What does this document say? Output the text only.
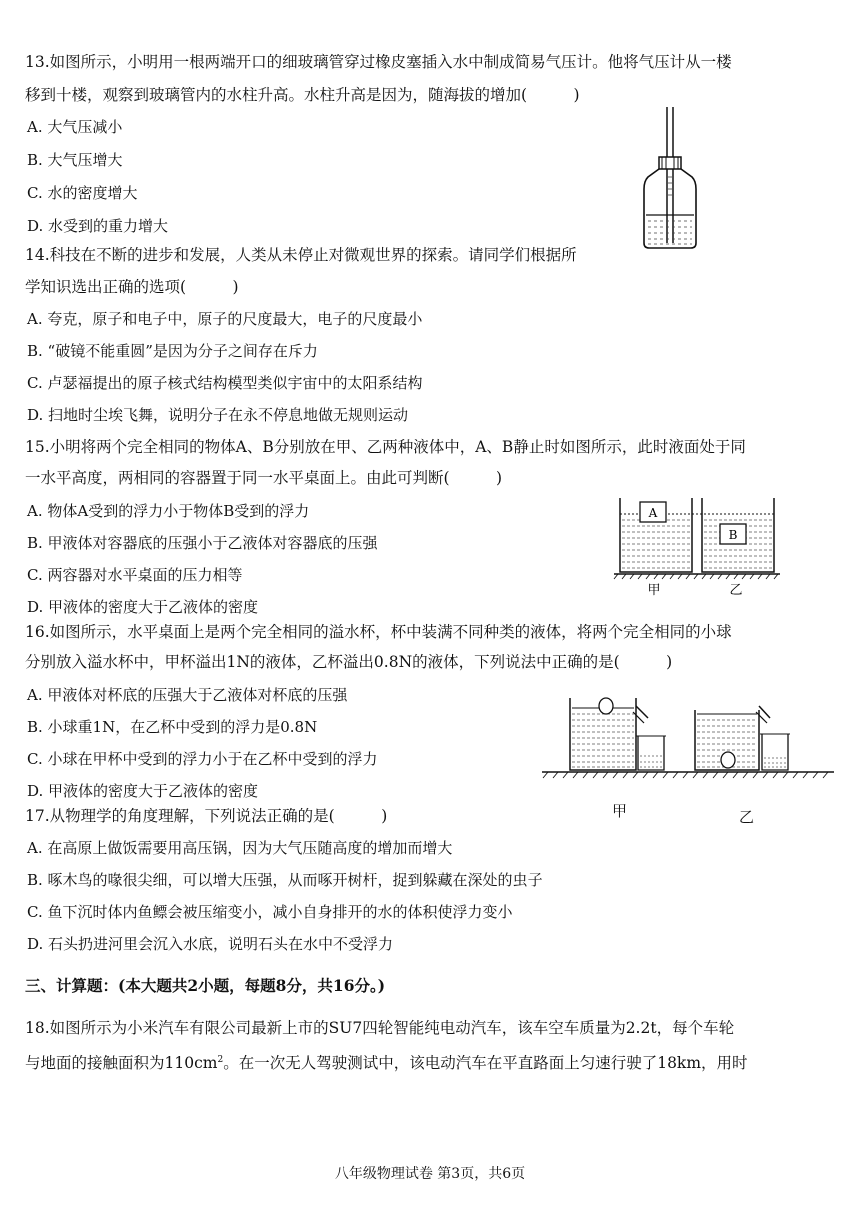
13.如图所示，小明用一根两端开口的细玻璃管穿过橡皮塞插入水中制成简易气压计。他将气压计从一楼
移到十楼，观察到玻璃管内的水柱升高。水柱升高是因为，随海拔的增加(　　　)
A. 大气压减小
B. 大气压增大
C. 水的密度增大
D. 水受到的重力增大
14.科技在不断的进步和发展，人类从未停止对微观世界的探索。请同学们根据所
学知识选出正确的选项(　　　)
A. 夸克，原子和电子中，原子的尺度最大，电子的尺度最小
B. “破镜不能重圆”是因为分子之间存在斥力
C. 卢瑟福提出的原子核式结构模型类似宇宙中的太阳系结构
D. 扫地时尘埃飞舞，说明分子在永不停息地做无规则运动
15.小明将两个完全相同的物体A、B分别放在甲、乙两种液体中，A、B静止时如图所示，此时液面处于同
一水平高度，两相同的容器置于同一水平桌面上。由此可判断(　　　)
A. 物体A受到的浮力小于物体B受到的浮力
B. 甲液体对容器底的压强小于乙液体对容器底的压强
C. 两容器对水平桌面的压力相等
D. 甲液体的密度大于乙液体的密度
A
B
甲	乙
16.如图所示，水平桌面上是两个完全相同的溢水杯，杯中装满不同种类的液体，将两个完全相同的小球
分别放入溢水杯中，甲杯溢出1N的液体，乙杯溢出0.8N的液体，下列说法中正确的是(　　　)
A. 甲液体对杯底的压强大于乙液体对杯底的压强
B. 小球重1N，在乙杯中受到的浮力是0.8N
C. 小球在甲杯中受到的浮力小于在乙杯中受到的浮力
D. 甲液体的密度大于乙液体的密度
甲	乙
17.从物理学的角度理解，下列说法正确的是(　　　)
A. 在高原上做饭需要用高压锅，因为大气压随高度的增加而增大
B. 啄木鸟的喙很尖细，可以增大压强，从而啄开树杆，捉到躲藏在深处的虫子
C. 鱼下沉时体内鱼鳔会被压缩变小，减小自身排开的水的体积使浮力变小
D. 石头扔进河里会沉入水底，说明石头在水中不受浮力
三、计算题：(本大题共2小题，每题8分，共16分。)
18.如图所示为小米汽车有限公司最新上市的SU7四轮智能纯电动汽车，该车空车质量为2.2t，每个车轮
与地面的接触面积为$110cm^2$。在一次无人驾驶测试中，该电动汽车在平直路面上匀速行驶了18km，用时
八年级物理试卷 第3页，共6页
